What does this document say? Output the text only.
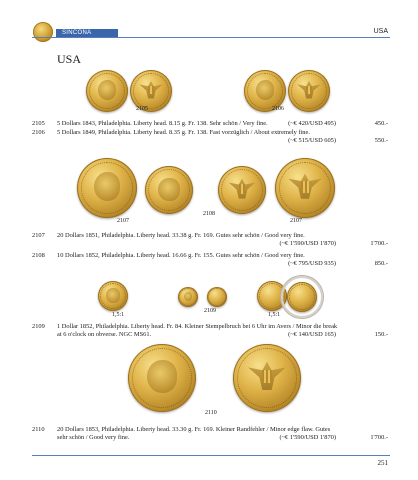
SINCONA	USA
USA
2105	2106
2105 5 Dollars 1843, Philadelphia. Liberty head. 8.15 g. Fr. 138. Sehr schön / Very fine.	(~€ 420/USD 495)	450.-
2106 5 Dollars 1849, Philadelphia. Liberty head. 8.35 g. Fr. 138. Fast vorzüglich / About extremely fine.
(~€ 515/USD 605)	550.-
2107
2108
2107
2107 20 Dollars 1851, Philadelphia. Liberty head. 33.38 g. Fr. 169. Gutes sehr schön / Good very fine.
(~€ 1'590/USD 1'870)	1'700.-
2108 10 Dollars 1852, Philadelphia. Liberty head. 16.66 g. Fr. 155. Gutes sehr schön / Good very fine.
(~€ 795/USD 935)	850.-
1,5:1
2109
1,5:1
2109 1 Dollar 1852, Philadelphia. Liberty head. Fr. 84. Kleiner Stempelbruch bei 6 Uhr im Avers / Minor die break at 6 o'clock on obverse. NGC MS61.	(~€ 140/USD 165)	150.-
2110
2110 20 Dollars 1853, Philadelphia. Liberty head. 33.30 g. Fr. 169. Kleiner Randfehler / Minor edge flaw. Gutes sehr schön / Good very fine.	(~€ 1'590/USD 1'870)	1'700.-
251
